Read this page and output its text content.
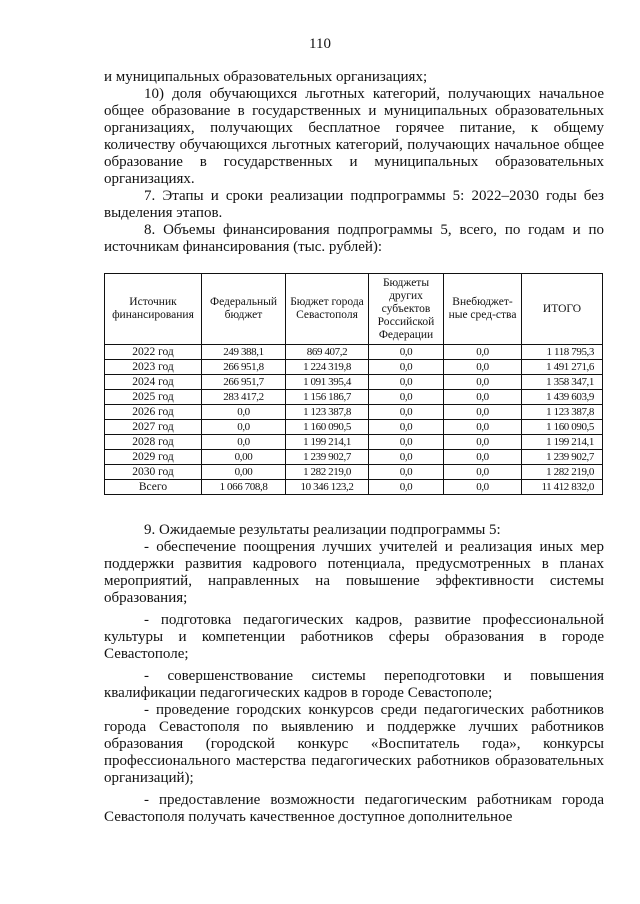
110

и муниципальных образовательных организациях;

10) доля обучающихся льготных категорий, получающих начальное общее образование в государственных и муниципальных образовательных организациях, получающих бесплатное горячее питание, к общему количеству обучающихся льготных категорий, получающих начальное общее образование в государственных и муниципальных образовательных организациях.

7. Этапы и сроки реализации подпрограммы 5: 2022–2030 годы без выделения этапов.

8. Объемы финансирования подпрограммы 5, всего, по годам и по источникам финансирования (тыс. рублей):

Источник финансирования	Федеральный бюджет	Бюджет города Севастополя	Бюджеты других субъектов Российской Федерации	Внебюджет-ные сред-ства	ИТОГО
2022 год	249 388,1	869 407,2	0,0	0,0	1 118 795,3
2023 год	266 951,8	1 224 319,8	0,0	0,0	1 491 271,6
2024 год	266 951,7	1 091 395,4	0,0	0,0	1 358 347,1
2025 год	283 417,2	1 156 186,7	0,0	0,0	1 439 603,9
2026 год	0,0	1 123 387,8	0,0	0,0	1 123 387,8
2027 год	0,0	1 160 090,5	0,0	0,0	1 160 090,5
2028 год	0,0	1 199 214,1	0,0	0,0	1 199 214,1
2029 год	0,00	1 239 902,7	0,0	0,0	1 239 902,7
2030 год	0,00	1 282 219,0	0,0	0,0	1 282 219,0
Всего	1 066 708,8	10 346 123,2	0,0	0,0	11 412 832,0

9. Ожидаемые результаты реализации подпрограммы 5:

- обеспечение поощрения лучших учителей и реализация иных мер поддержки развития кадрового потенциала, предусмотренных в планах мероприятий, направленных на повышение эффективности системы образования;

- подготовка педагогических кадров, развитие профессиональной культуры и компетенции работников сферы образования в городе Севастополе;

- совершенствование системы переподготовки и повышения квалификации педагогических кадров в городе Севастополе;

- проведение городских конкурсов среди педагогических работников города Севастополя по выявлению и поддержке лучших работников образования (городской конкурс «Воспитатель года», конкурсы профессионального мастерства педагогических работников образовательных организаций);

- предоставление возможности педагогическим работникам города Севастополя получать качественное доступное дополнительное
